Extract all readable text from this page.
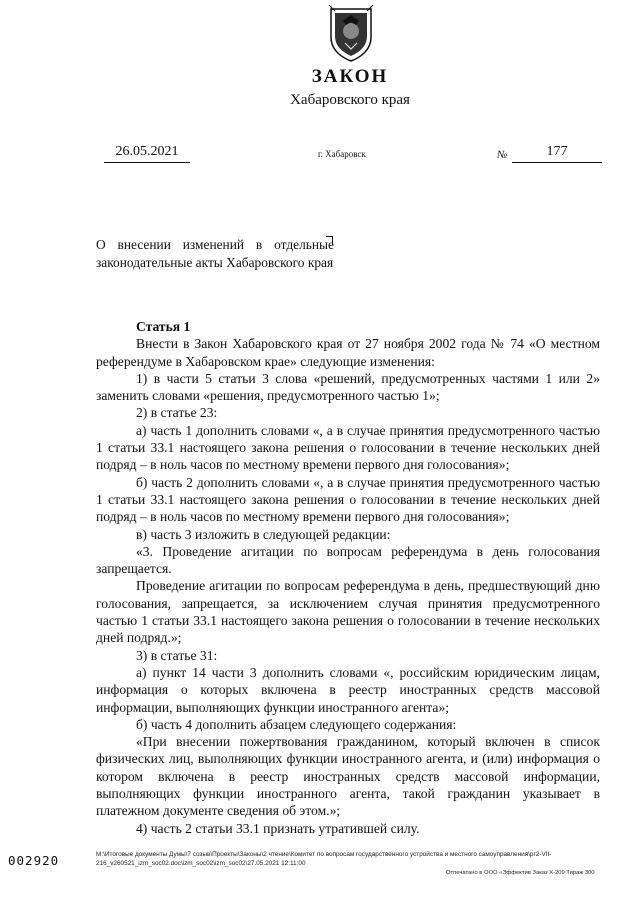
ЗАКОН
Хабаровского края
26.05.2021	г. Хабаровск	№	177
О внесении изменений в отдельные законодательные акты Хабаровского края

Статья 1

Внести в Закон Хабаровского края от 27 ноября 2002 года № 74 «О местном референдуме в Хабаровском крае» следующие изменения:

1) в части 5 статьи 3 слова «решений, предусмотренных частями 1 или 2» заменить словами «решения, предусмотренного частью 1»;

2) в статье 23:

а) часть 1 дополнить словами «, а в случае принятия предусмотренного частью 1 статьи 33.1 настоящего закона решения о голосовании в течение нескольких дней подряд – в ноль часов по местному времени первого дня голосования»;

б) часть 2 дополнить словами «, а в случае принятия предусмотренного частью 1 статьи 33.1 настоящего закона решения о голосовании в течение нескольких дней подряд – в ноль часов по местному времени первого дня голосования»;

в) часть 3 изложить в следующей редакции:

«3. Проведение агитации по вопросам референдума в день голосования запрещается.

Проведение агитации по вопросам референдума в день, предшествующий дню голосования, запрещается, за исключением случая принятия предусмотренного частью 1 статьи 33.1 настоящего закона решения о голосовании в течение нескольких дней подряд.»;

3) в статье 31:

а) пункт 14 части 3 дополнить словами «, российским юридическим лицам, информация о которых включена в реестр иностранных средств массовой информации, выполняющих функции иностранного агента»;

б) часть 4 дополнить абзацем следующего содержания:

«При внесении пожертвования гражданином, который включен в список физических лиц, выполняющих функции иностранного агента, и (или) информация о котором включена в реестр иностранных средств массовой информации, выполняющих функции иностранного агента, такой гражданин указывает в платежном документе сведения об этом.»;

4) часть 2 статьи 33.1 признать утратившей силу.

002920	M:\Итоговые документы Думы\7 созыв\Проекты\Законы\2 чтение\Комитет по вопросам государственного устройства и местного самоуправления\рг2-VII-216_v260521_izm_soc02.doc\izm_soc02\izm_soc02\27.05.2021 12:11:00
Отпечатано в ООО «Эффектив Заказ Х-209 Тираж 300
